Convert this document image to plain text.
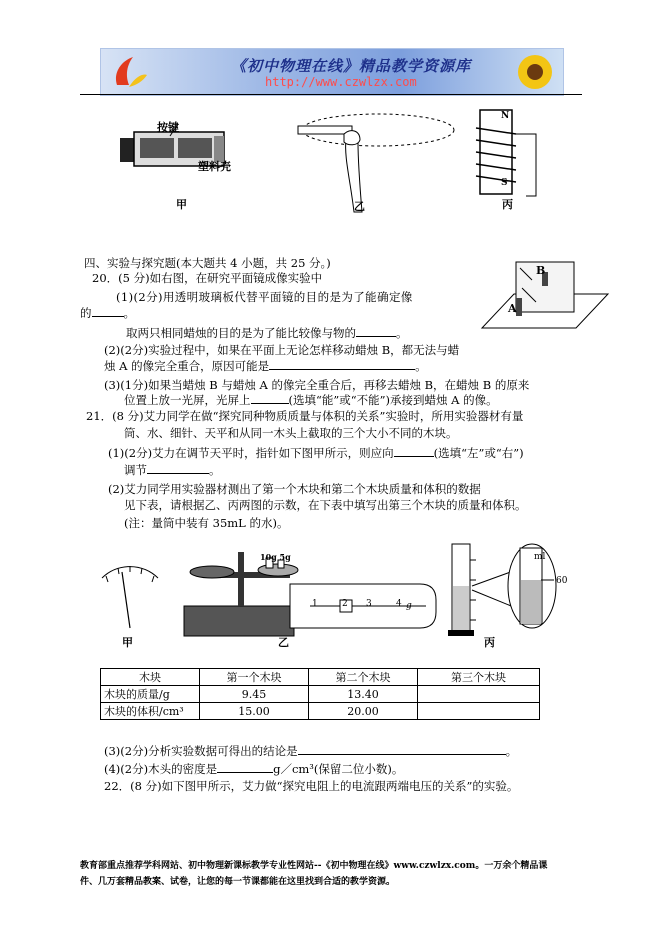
《初中物理在线》精品教学资源库
http://www.czwlzx.com
按键
塑料壳
甲	乙
N
S
丙
四、实验与探究题(本大题共 4 小题，共 25 分。)
20．(5 分)如右图，在研究平面镜成像实验中
(1)(2分)用透明玻璃板代替平面镜的目的是为了能确定像
的	。
取两只相同蜡烛的目的是为了能比较像与物的	。
(2)(2分)实验过程中，如果在平面上无论怎样移动蜡烛 B，都无法与蜡
烛 A 的像完全重合，原因可能是	。
(3)(1分)如果当蜡烛 B 与蜡烛 A 的像完全重合后，再移去蜡烛 B，在蜡烛 B 的原来
位置上放一光屏，光屏上	(选填“能”或“不能”)承接到蜡烛 A 的像。
B
A
21．(8 分)艾力同学在做“探究同种物质质量与体积的关系”实验时，所用实验器材有量
筒、水、细针、天平和从同一木头上截取的三个大小不同的木块。
(1)(2分)艾力在调节天平时，指针如下图甲所示，则应向	(选填“左”或“右”)
调节	。
(2)艾力同学用实验器材测出了第一个木块和第二个木块质量和体积的数据
见下表，请根据乙、丙两图的示数，在下表中填写出第三个木块的质量和体积。
(注：量筒中装有 35mL 的水)。
甲
10g 5g
1	2 3	4 g
乙
ml
60
丙
木块	第一个木块	第二个木块	第三个木块
木块的质量/g	9.45	13.40	
木块的体积/cm³	15.00	20.00	
(3)(2分)分析实验数据可得出的结论是	。
(4)(2分)木头的密度是	g／cm³(保留二位小数)。
22．(8 分)如下图甲所示，艾力做“探究电阻上的电流跟两端电压的关系”的实验。
教育部重点推荐学科网站、初中物理新课标教学专业性网站--《初中物理在线》www.czwlzx.com。一万余个精品课
件、几万套精品教案、试卷，让您的每一节课都能在这里找到合适的教学资源。
